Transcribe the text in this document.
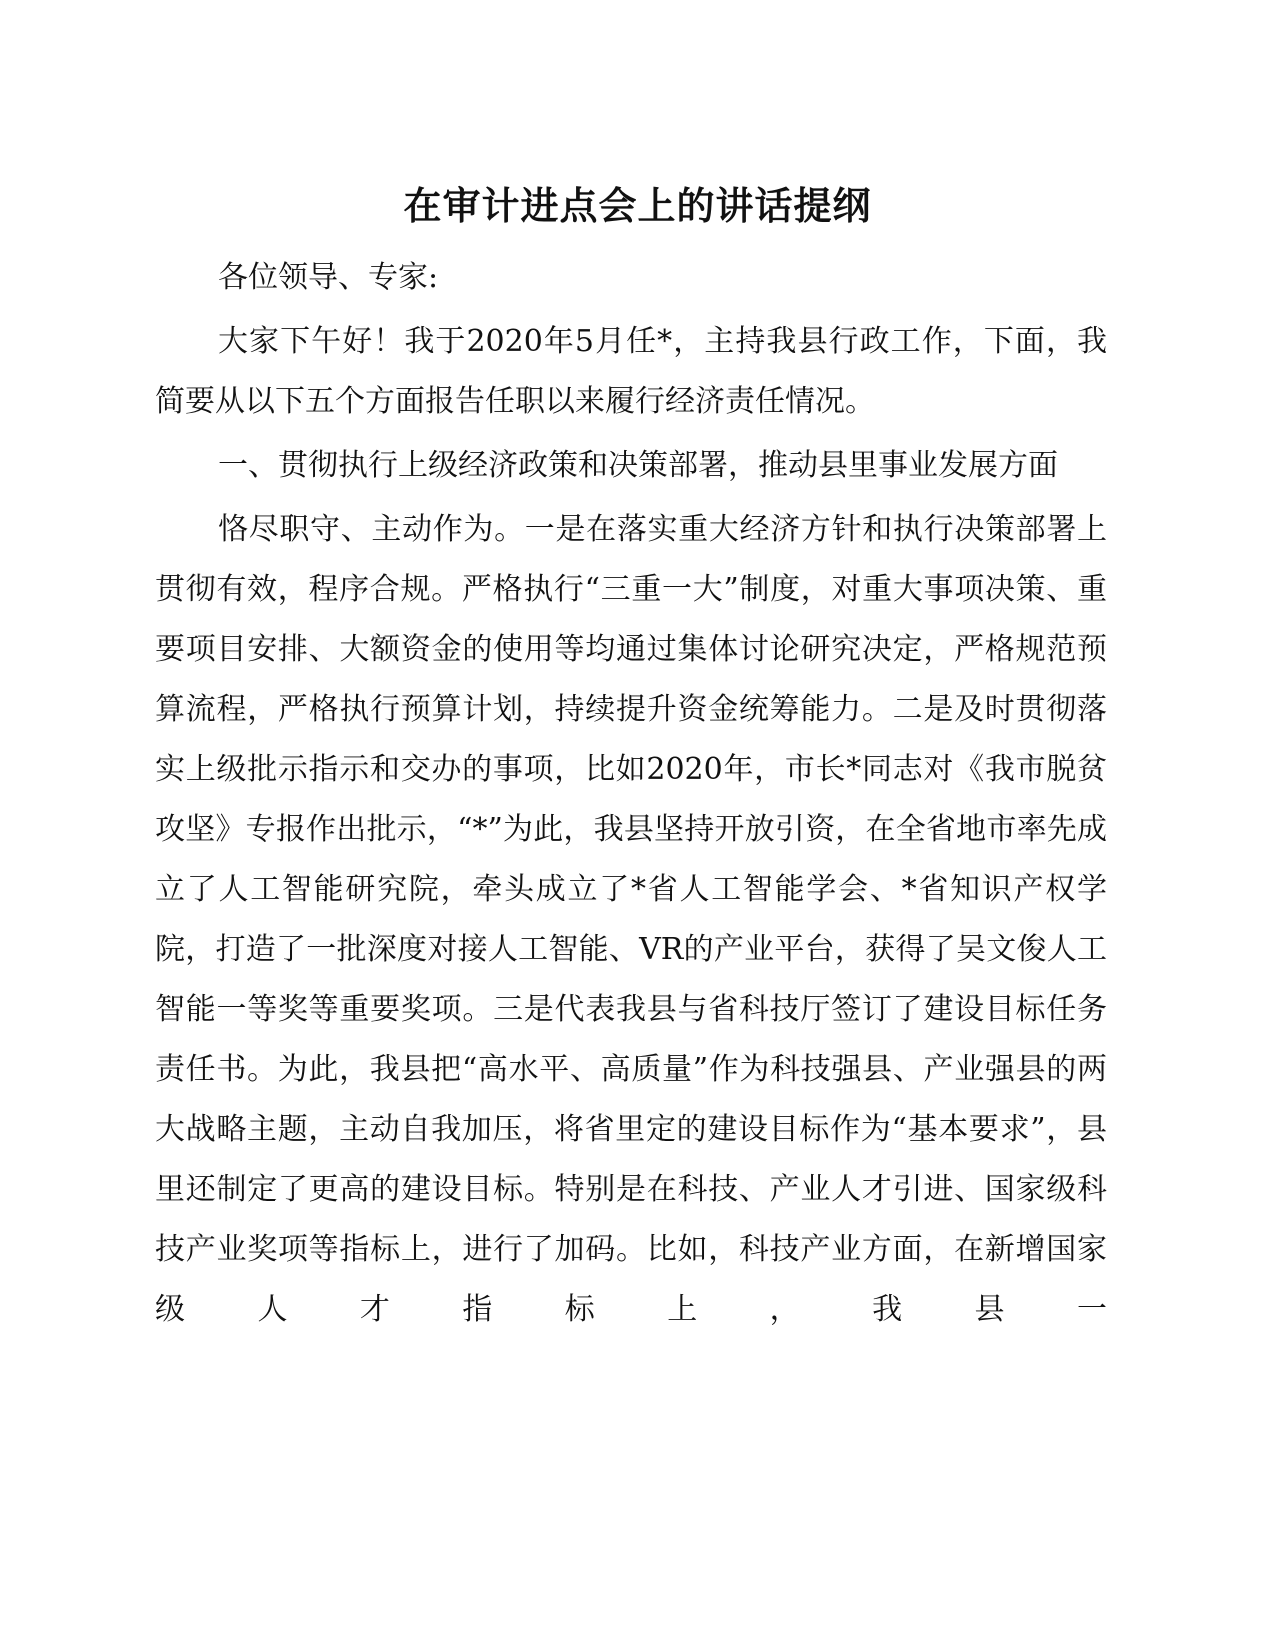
在审计进点会上的讲话提纲

各位领导、专家:

大家下午好！我于2020年5月任*，主持我县行政工作，下面，我简要从以下五个方面报告任职以来履行经济责任情况。

一、贯彻执行上级经济政策和决策部署，推动县里事业发展方面

恪尽职守、主动作为。一是在落实重大经济方针和执行决策部署上贯彻有效，程序合规。严格执行“三重一大”制度，对重大事项决策、重要项目安排、大额资金的使用等均通过集体讨论研究决定，严格规范预算流程，严格执行预算计划，持续提升资金统筹能力。二是及时贯彻落实上级批示指示和交办的事项，比如2020年，市长*同志对《我市脱贫攻坚》专报作出批示，“*”为此，我县坚持开放引资，在全省地市率先成立了人工智能研究院，牵头成立了*省人工智能学会、*省知识产权学院，打造了一批深度对接人工智能、VR的产业平台，获得了吴文俊人工智能一等奖等重要奖项。三是代表我县与省科技厅签订了建设目标任务责任书。为此，我县把“高水平、高质量”作为科技强县、产业强县的两大战略主题，主动自我加压，将省里定的建设目标作为“基本要求”，县里还制定了更高的建设目标。特别是在科技、产业人才引进、国家级科技产业奖项等指标上，进行了加码。比如，科技产业方面，在新增国家级人才指标上，我县一
